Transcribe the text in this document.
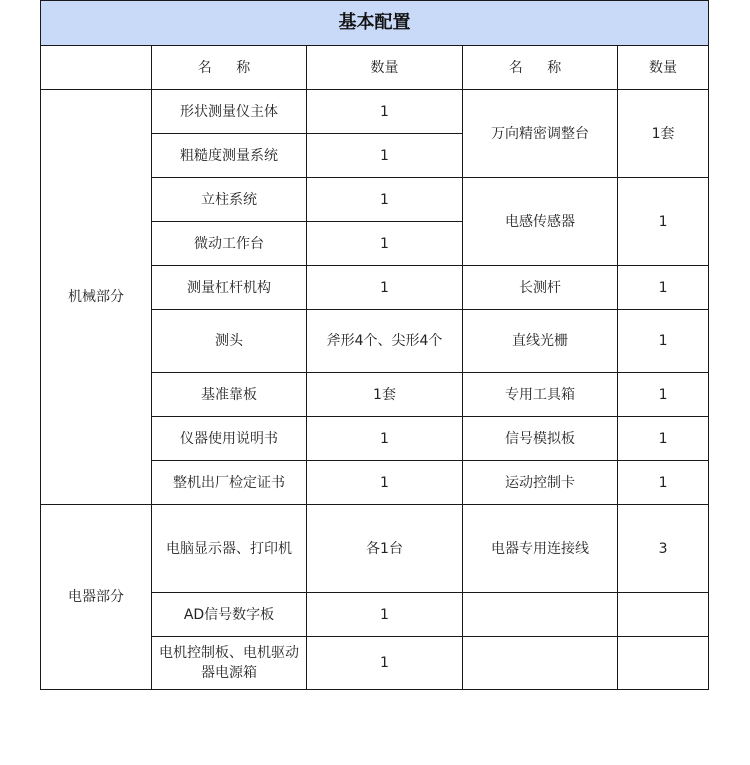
基本配置				
	名 称	数量	名 称	数量
机械部分	形状测量仪主体	1	万向精密调整台	1套
	粗糙度测量系统	1		
	立柱系统	1	电感传感器	1
	微动工作台	1		
	测量杠杆机构	1	长测杆	1
	测头	斧形4个、尖形4个	直线光栅	1
	基准靠板	1套	专用工具箱	1
	仪器使用说明书	1	信号模拟板	1
	整机出厂检定证书	1	运动控制卡	1
电器部分	电脑显示器、打印机	各1台	电器专用连接线	3
	AD信号数字板	1		
	电机控制板、电机驱动器电源箱	1		
